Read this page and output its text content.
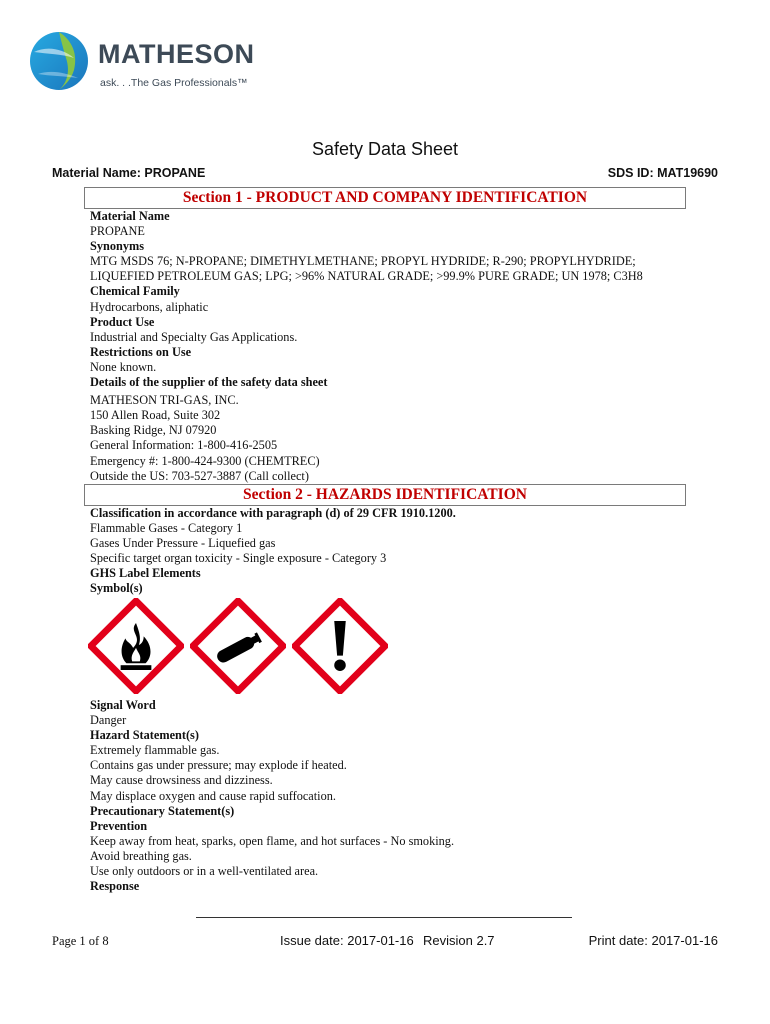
MATHESON
ask. . .The Gas Professionals™
Safety Data Sheet
Material Name: PROPANE	SDS ID: MAT19690
Section 1 - PRODUCT AND COMPANY IDENTIFICATION
Material Name
PROPANE
Synonyms
MTG MSDS 76; N-PROPANE; DIMETHYLMETHANE; PROPYL HYDRIDE; R-290; PROPYLHYDRIDE;
LIQUEFIED PETROLEUM GAS; LPG; >96% NATURAL GRADE; >99.9% PURE GRADE; UN 1978; C3H8
Chemical Family
Hydrocarbons, aliphatic
Product Use
Industrial and Specialty Gas Applications.
Restrictions on Use
None known.
Details of the supplier of the safety data sheet
MATHESON TRI-GAS, INC.
150 Allen Road, Suite 302
Basking Ridge, NJ 07920
General Information: 1-800-416-2505
Emergency #: 1-800-424-9300 (CHEMTREC)
Outside the US: 703-527-3887 (Call collect)
Section 2 - HAZARDS IDENTIFICATION
Classification in accordance with paragraph (d) of 29 CFR 1910.1200.
Flammable Gases - Category 1
Gases Under Pressure - Liquefied gas
Specific target organ toxicity - Single exposure - Category 3
GHS Label Elements
Symbol(s)
Signal Word
Danger
Hazard Statement(s)
Extremely flammable gas.
Contains gas under pressure; may explode if heated.
May cause drowsiness and dizziness.
May displace oxygen and cause rapid suffocation.
Precautionary Statement(s)
Prevention
Keep away from heat, sparks, open flame, and hot surfaces - No smoking.
Avoid breathing gas.
Use only outdoors or in a well-ventilated area.
Response
Page 1 of 8	Issue date: 2017-01-16 Revision 2.7	Print date: 2017-01-16
